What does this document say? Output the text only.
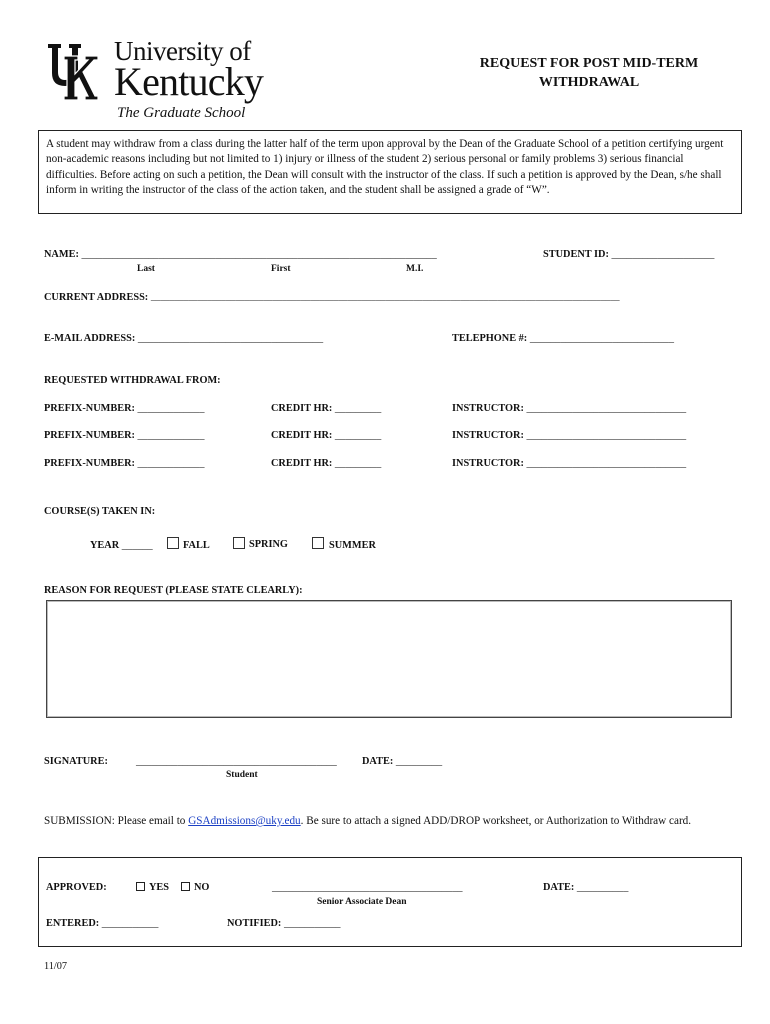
University of
Kentucky
The Graduate School
REQUEST FOR POST MID-TERM
WITHDRAWAL
A student may withdraw from a class during the latter half of the term upon approval by the Dean of the Graduate School of a petition certifying urgent non-academic reasons including but not limited to 1) injury or illness of the student 2) serious personal or family problems 3) serious financial difficulties. Before acting on such a petition, the Dean will consult with the instructor of the class. If such a petition is approved by the Dean, s/he shall inform in writing the instructor of the class of the action taken, and the student shall be assigned a grade of “W”.
NAME: _____________________________________________________________________
Last	First	M.I.
STUDENT ID: ____________________
CURRENT ADDRESS: ____________________________________________________________________________________________________
E-MAIL ADDRESS: ____________________________________	TELEPHONE #: ____________________________
REQUESTED WITHDRAWAL FROM:
PREFIX-NUMBER: _____________	CREDIT HR: _________	INSTRUCTOR: _______________________________
PREFIX-NUMBER: _____________	CREDIT HR: _________	INSTRUCTOR: _______________________________
PREFIX-NUMBER: _____________	CREDIT HR: _________	INSTRUCTOR: _______________________________
COURSE(S) TAKEN IN:
YEAR ______	FALL	SPRING	SUMMER
REASON FOR REQUEST (PLEASE STATE CLEARLY):
SIGNATURE:	_______________________________________
Student
DATE: _________
SUBMISSION: Please email to GSAdmissions@uky.edu. Be sure to attach a signed ADD/DROP worksheet, or Authorization to Withdraw card.
APPROVED:	YES	NO	_____________________________________
Senior Associate Dean
DATE: __________
ENTERED: ___________	NOTIFIED: ___________
11/07
